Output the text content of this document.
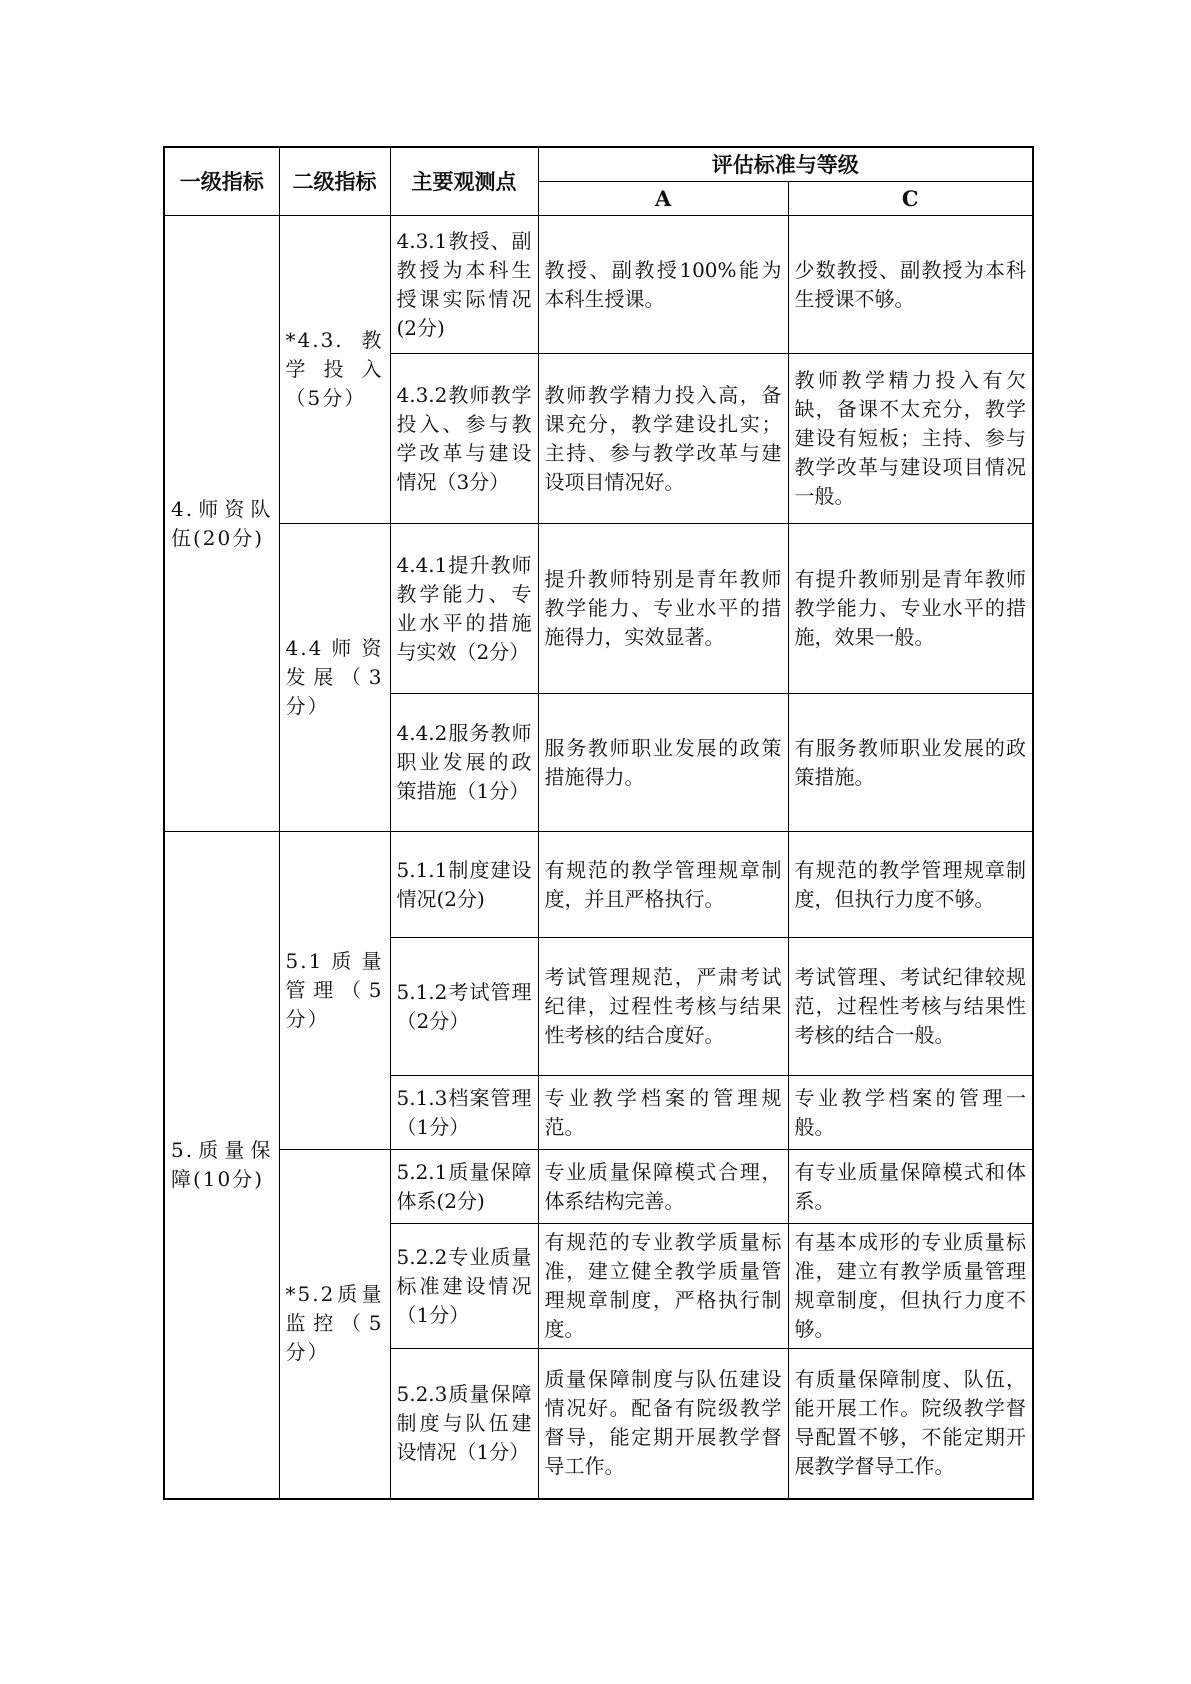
一级指标	二级指标	主要观测点	评估标准与等级	
			A	C
4.师资队伍(20分)	*4.3.教学投入（5分）	4.3.1教授、副教授为本科生授课实际情况(2分)	教授、副教授100%能为本科生授课。	少数教授、副教授为本科生授课不够。
		4.3.2教师教学投入、参与教学改革与建设情况（3分）	教师教学精力投入高，备课充分，教学建设扎实；主持、参与教学改革与建设项目情况好。	教师教学精力投入有欠缺，备课不太充分，教学建设有短板；主持、参与教学改革与建设项目情况一般。
	4.4师资发展（3分）	4.4.1提升教师教学能力、专业水平的措施与实效（2分）	提升教师特别是青年教师教学能力、专业水平的措施得力，实效显著。	有提升教师别是青年教师教学能力、专业水平的措施，效果一般。
		4.4.2服务教师职业发展的政策措施（1分）	服务教师职业发展的政策措施得力。	有服务教师职业发展的政策措施。
5.质量保障(10分)	5.1质量管理（5分）	5.1.1制度建设情况(2分)	有规范的教学管理规章制度，并且严格执行。	有规范的教学管理规章制度，但执行力度不够。
		5.1.2考试管理（2分）	考试管理规范，严肃考试纪律，过程性考核与结果性考核的结合度好。	考试管理、考试纪律较规范，过程性考核与结果性考核的结合一般。
		5.1.3档案管理（1分）	专业教学档案的管理规范。	专业教学档案的管理一般。
	*5.2质量监控（5分）	5.2.1质量保障体系(2分)	专业质量保障模式合理，体系结构完善。	有专业质量保障模式和体系。
		5.2.2专业质量标准建设情况（1分）	有规范的专业教学质量标准，建立健全教学质量管理规章制度，严格执行制度。	有基本成形的专业质量标准，建立有教学质量管理规章制度，但执行力度不够。
		5.2.3质量保障制度与队伍建设情况（1分）	质量保障制度与队伍建设情况好。配备有院级教学督导，能定期开展教学督导工作。	有质量保障制度、队伍，能开展工作。院级教学督导配置不够，不能定期开展教学督导工作。
